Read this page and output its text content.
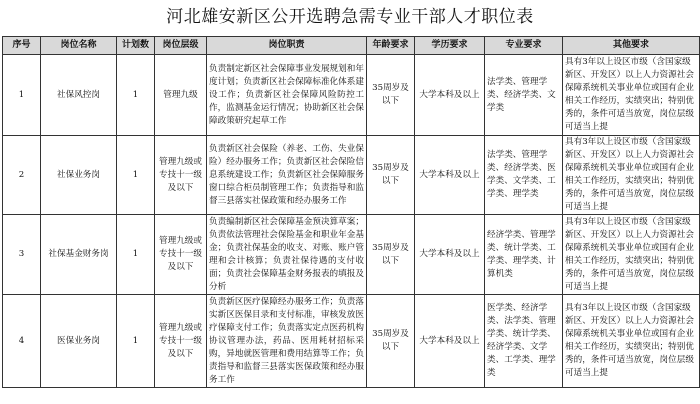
河北雄安新区公开选聘急需专业干部人才职位表
序号	岗位名称	计划数	岗位层级	岗位职责	年龄要求	学历要求	专业要求	其他要求
1	社保风控岗	1	管理九级	负责制定新区社会保障事业发展规划和年度计划；负责新区社会保障标准化体系建设工作；负责新区社会保障风险防控工作，监测基金运行情况；协助新区社会保障政策研究起草工作	35周岁及以下	大学本科及以上	法学类、管理学类、经济学类、文学类	具有3年以上设区市级（含国家级新区、开发区）以上人力资源社会保障系统机关事业单位或国有企业相关工作经历，实绩突出；特别优秀的，条件可适当放宽，岗位层级可适当上提
2	社保业务岗	1	管理九级或专技十一级及以下	负责新区社会保险（养老、工伤、失业保险）经办服务工作；负责新区社会保险信息系统建设工作；负责新区社会保障服务窗口综合柜员制管理工作；负责指导和监督三县落实社保政策和经办服务工作	35周岁及以下	大学本科及以上	法学类、管理学类、经济学类、医学类、文学类、工学类、理学类	具有3年以上设区市级（含国家级新区、开发区）以上人力资源社会保障系统机关事业单位或国有企业相关工作经历，实绩突出；特别优秀的，条件可适当放宽，岗位层级可适当上提
3	社保基金财务岗	1	管理九级或专技十一级及以下	负责编制新区社会保障基金预决算草案；负责依法管理社会保险基金和职业年金基金；负责社保基金的收支、对账、账户管理和会计核算；负责社保待遇的支付收面；负责社会保障基金财务报表的填报及分析	35周岁及以下	大学本科及以上	经济学类、管理学类、统计学类、工学类、理学类、计算机类	具有3年以上设区市级（含国家级新区、开发区）以上人力资源社会保障系统机关事业单位或国有企业相关工作经历，实绩突出；特别优秀的，条件可适当放宽，岗位层级可适当上提
4	医保业务岗	1	管理九级或专技十一级及以下	负责新区医疗保障经办服务工作；负责落实新区医保目录和支付标准，审核发放医疗保障支付工作；负责落实定点医药机构协议管理办法，药品、医用耗材招标采购，异地就医管理和费用结算等工作；负责指导和监督三县落实医保政策和经办服务工作	35周岁及以下	大学本科及以上	医学类、经济学类、法学类、管理学类、统计学类、经济学类、文学类、工学类、理学类	具有3年以上设区市级（含国家级新区、开发区）以上人力资源社会保障系统机关事业单位或国有企业相关工作经历，实绩突出；特别优秀的，条件可适当放宽，岗位层级可适当上提
